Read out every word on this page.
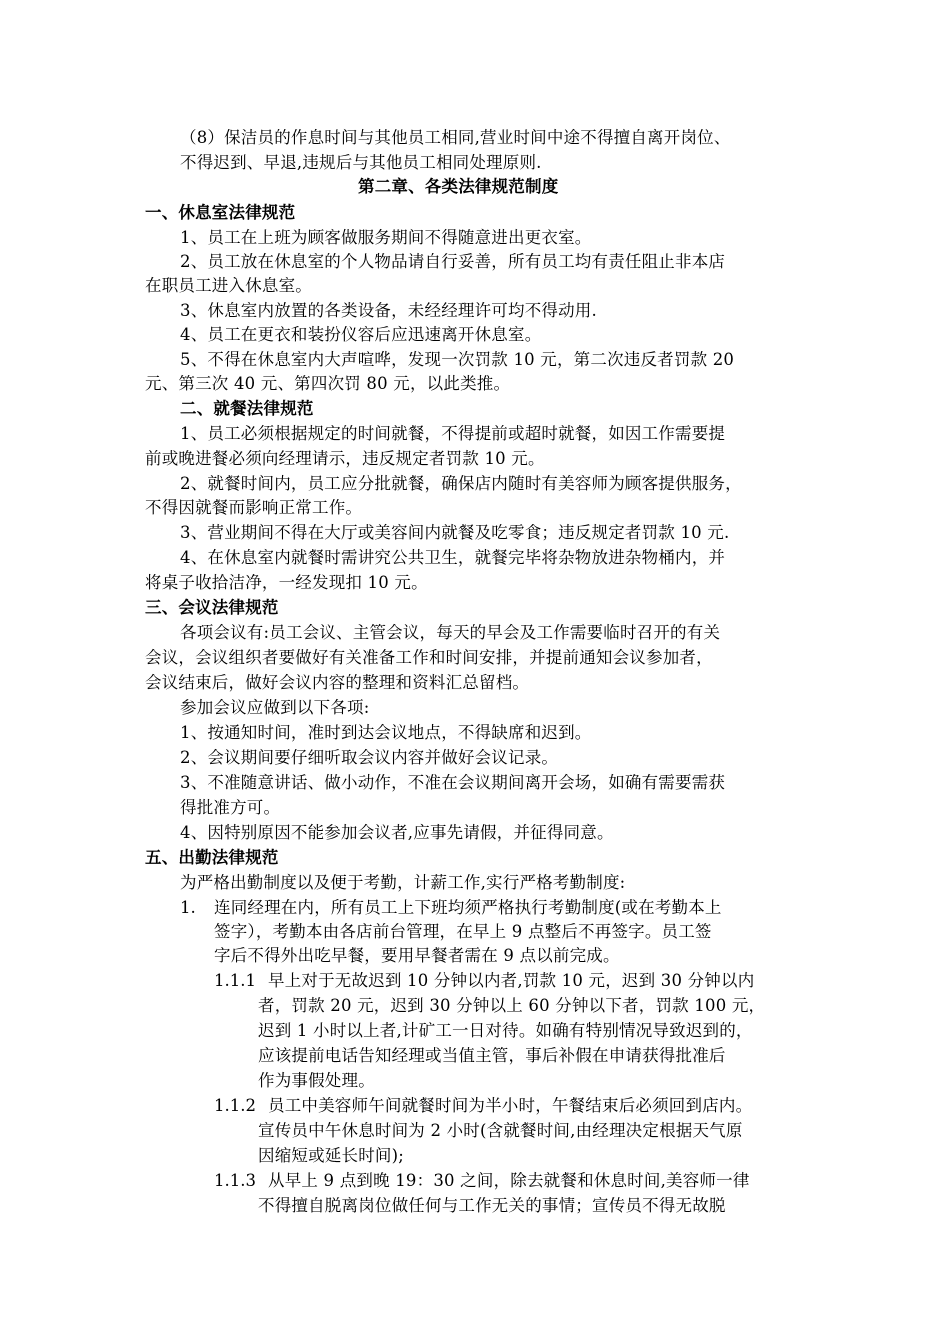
（8）保洁员的作息时间与其他员工相同,营业时间中途不得擅自离开岗位、
不得迟到、早退,违规后与其他员工相同处理原则.
第二章、各类法律规范制度
一、休息室法律规范
1、员工在上班为顾客做服务期间不得随意进出更衣室。
2、员工放在休息室的个人物品请自行妥善，所有员工均有责任阻止非本店
在职员工进入休息室。
3、休息室内放置的各类设备，未经经理许可均不得动用.
4、员工在更衣和装扮仪容后应迅速离开休息室。
5、不得在休息室内大声喧哗，发现一次罚款 10 元，第二次违反者罚款 20
元、第三次 40 元、第四次罚 80 元，以此类推。
二、就餐法律规范
1、员工必须根据规定的时间就餐，不得提前或超时就餐，如因工作需要提
前或晚进餐必须向经理请示，违反规定者罚款 10 元。
2、就餐时间内，员工应分批就餐，确保店内随时有美容师为顾客提供服务，
不得因就餐而影响正常工作。
3、营业期间不得在大厅或美容间内就餐及吃零食；违反规定者罚款 10 元.
4、在休息室内就餐时需讲究公共卫生，就餐完毕将杂物放进杂物桶内，并
将桌子收拾洁净，一经发现扣 10 元。
三、会议法律规范
各项会议有:员工会议、主管会议，每天的早会及工作需要临时召开的有关
会议，会议组织者要做好有关准备工作和时间安排，并提前通知会议参加者，
会议结束后，做好会议内容的整理和资料汇总留档。
参加会议应做到以下各项:
1、按通知时间，准时到达会议地点，不得缺席和迟到。
2、会议期间要仔细听取会议内容并做好会议记录。
3、不准随意讲话、做小动作，不准在会议期间离开会场，如确有需要需获
得批准方可。
4、因特别原因不能参加会议者,应事先请假，并征得同意。
五、出勤法律规范
为严格出勤制度以及便于考勤，计薪工作,实行严格考勤制度:
1. 连同经理在内，所有员工上下班均须严格执行考勤制度(或在考勤本上
签字），考勤本由各店前台管理，在早上 9 点整后不再签字。员工签
字后不得外出吃早餐，要用早餐者需在 9 点以前完成。
1.1.1 早上对于无故迟到 10 分钟以内者,罚款 10 元，迟到 30 分钟以内
者，罚款 20 元，迟到 30 分钟以上 60 分钟以下者，罚款 100 元，
迟到 1 小时以上者,计矿工一日对待。如确有特别情况导致迟到的，
应该提前电话告知经理或当值主管，事后补假在申请获得批准后
作为事假处理。
1.1.2 员工中美容师午间就餐时间为半小时，午餐结束后必须回到店内。
宣传员中午休息时间为 2 小时(含就餐时间,由经理决定根据天气原
因缩短或延长时间);
1.1.3 从早上 9 点到晚 19：30 之间，除去就餐和休息时间,美容师一律
不得擅自脱离岗位做任何与工作无关的事情；宣传员不得无故脱
